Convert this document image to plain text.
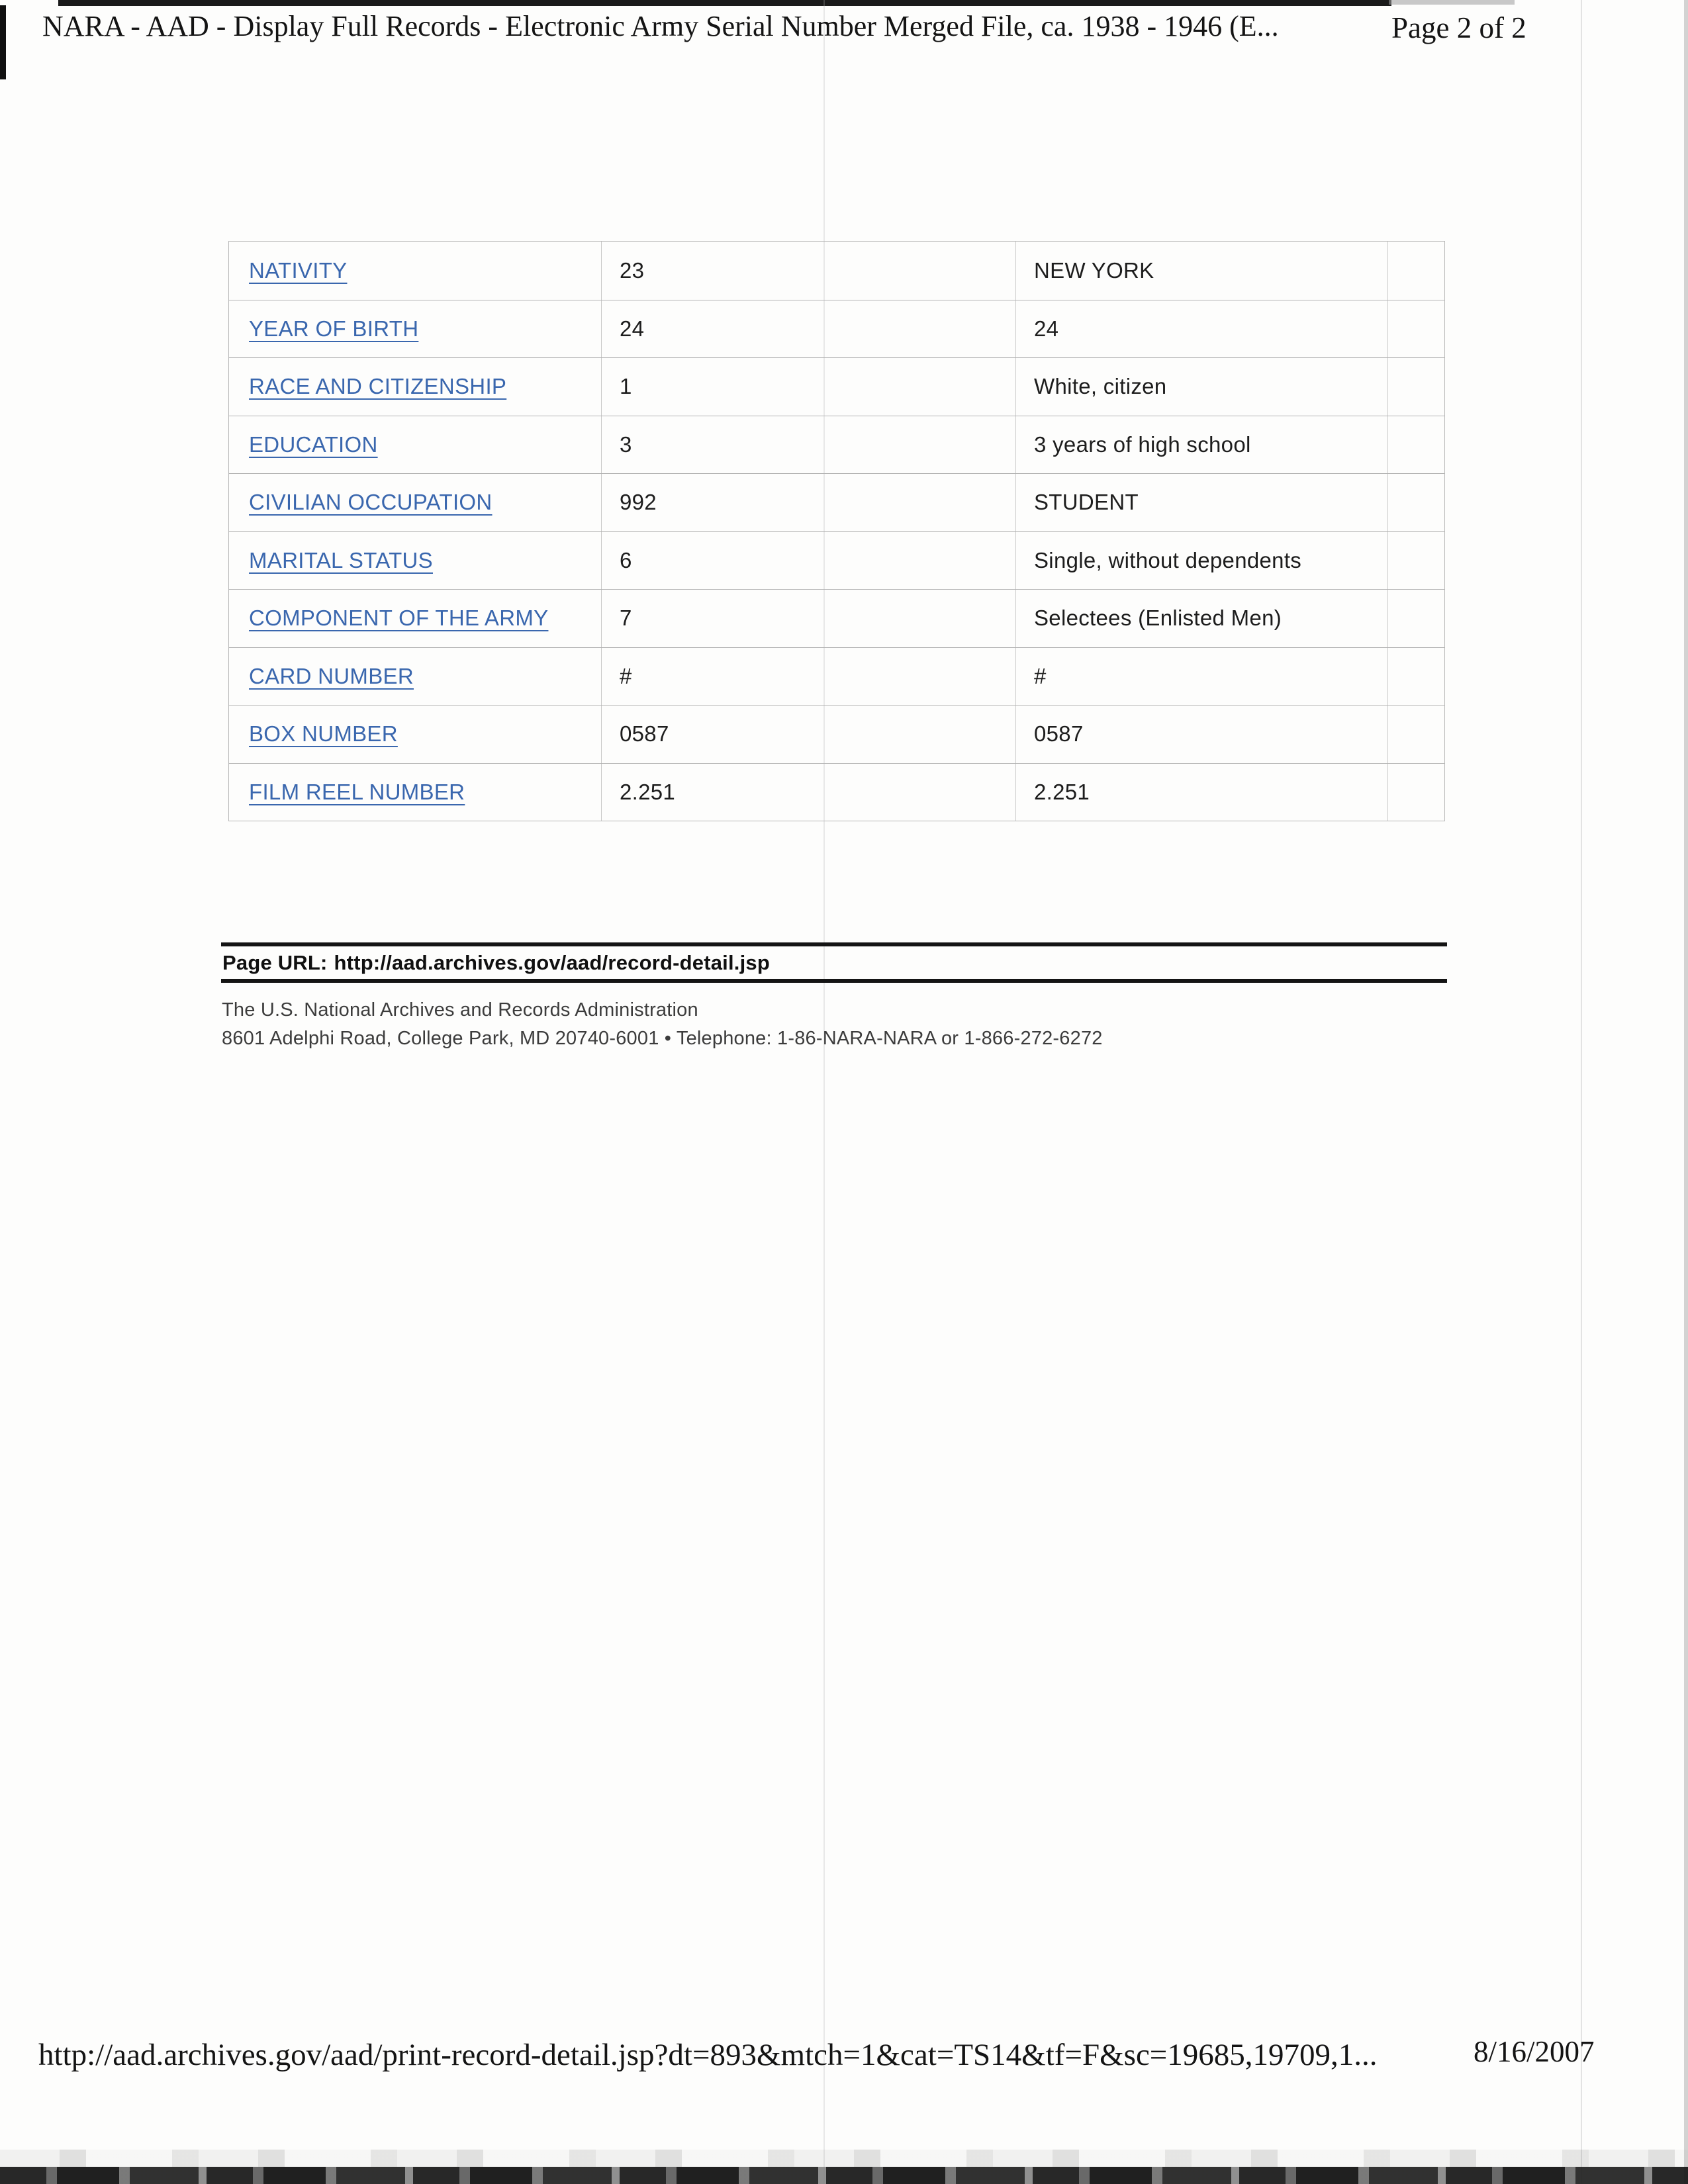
NARA - AAD - Display Full Records - Electronic Army Serial Number Merged File, ca. 1938 - 1946 (E...	Page 2 of 2
NATIVITY	23	NEW YORK
YEAR OF BIRTH	24	24
RACE AND CITIZENSHIP	1	White, citizen
EDUCATION	3	3 years of high school
CIVILIAN OCCUPATION	992	STUDENT
MARITAL STATUS	6	Single, without dependents
COMPONENT OF THE ARMY	7	Selectees (Enlisted Men)
CARD NUMBER	#	#
BOX NUMBER	0587	0587
FILM REEL NUMBER	2.251	2.251
Page URL: http://aad.archives.gov/aad/record-detail.jsp
The U.S. National Archives and Records Administration
8601 Adelphi Road, College Park, MD 20740-6001 • Telephone: 1-86-NARA-NARA or 1-866-272-6272
http://aad.archives.gov/aad/print-record-detail.jsp?dt=893&mtch=1&cat=TS14&tf=F&sc=19685,19709,1...	8/16/2007
